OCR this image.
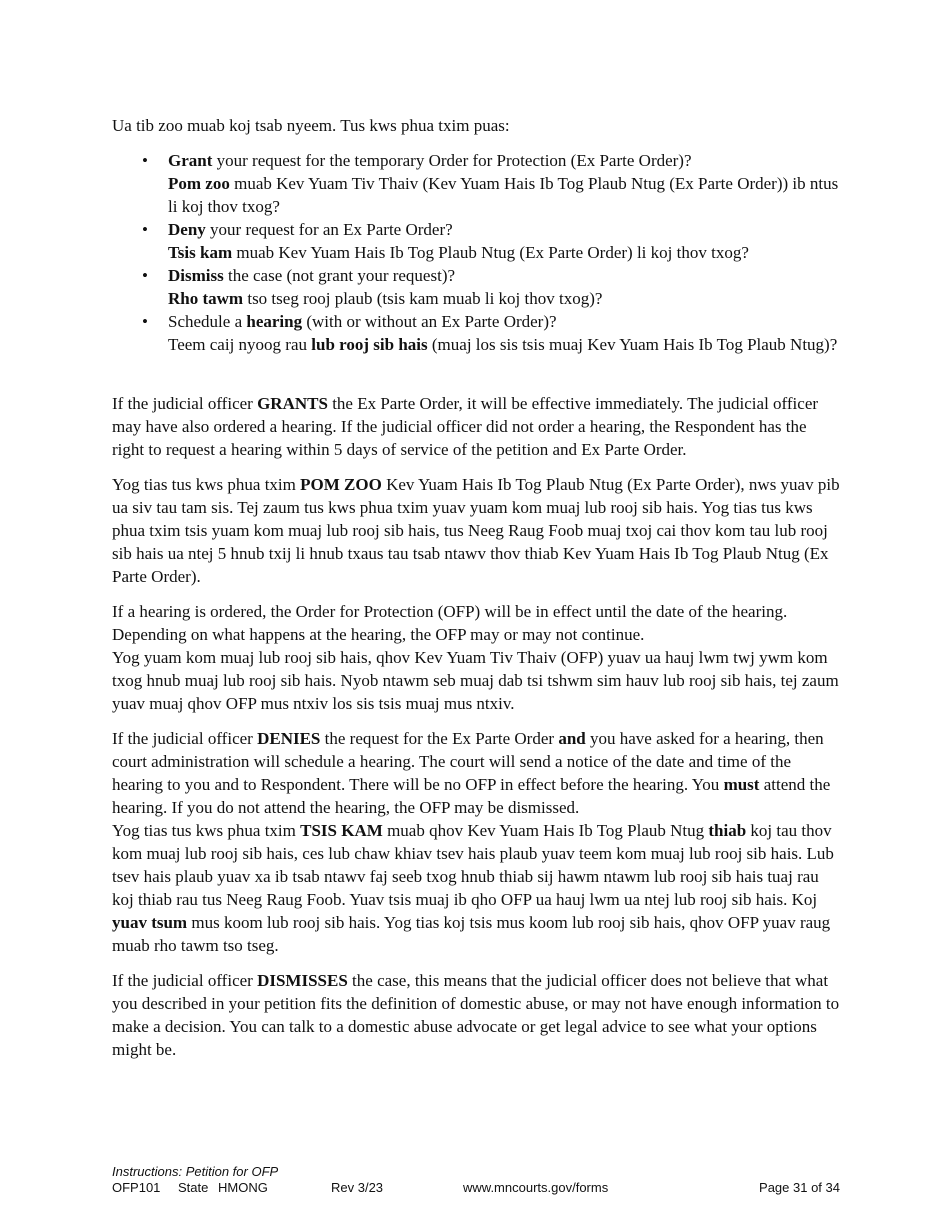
Ua tib zoo muab koj tsab nyeem. Tus kws phua txim puas:

• Grant your request for the temporary Order for Protection (Ex Parte Order)?
Pom zoo muab Kev Yuam Tiv Thaiv (Kev Yuam Hais Ib Tog Plaub Ntug (Ex Parte Order)) ib ntus li koj thov txog?
• Deny your request for an Ex Parte Order?
Tsis kam muab Kev Yuam Hais Ib Tog Plaub Ntug (Ex Parte Order) li koj thov txog?
• Dismiss the case (not grant your request)?
Rho tawm tso tseg rooj plaub (tsis kam muab li koj thov txog)?
• Schedule a hearing (with or without an Ex Parte Order)?
Teem caij nyoog rau lub rooj sib hais (muaj los sis tsis muaj Kev Yuam Hais Ib Tog Plaub Ntug)?

If the judicial officer GRANTS the Ex Parte Order, it will be effective immediately. The judicial officer may have also ordered a hearing. If the judicial officer did not order a hearing, the Respondent has the right to request a hearing within 5 days of service of the petition and Ex Parte Order.

Yog tias tus kws phua txim POM ZOO Kev Yuam Hais Ib Tog Plaub Ntug (Ex Parte Order), nws yuav pib ua siv tau tam sis. Tej zaum tus kws phua txim yuav yuam kom muaj lub rooj sib hais. Yog tias tus kws phua txim tsis yuam kom muaj lub rooj sib hais, tus Neeg Raug Foob muaj txoj cai thov kom tau lub rooj sib hais ua ntej 5 hnub txij li hnub txaus tau tsab ntawv thov thiab Kev Yuam Hais Ib Tog Plaub Ntug (Ex Parte Order).

If a hearing is ordered, the Order for Protection (OFP) will be in effect until the date of the hearing. Depending on what happens at the hearing, the OFP may or may not continue.

Yog yuam kom muaj lub rooj sib hais, qhov Kev Yuam Tiv Thaiv (OFP) yuav ua hauj lwm twj ywm kom txog hnub muaj lub rooj sib hais. Nyob ntawm seb muaj dab tsi tshwm sim hauv lub rooj sib hais, tej zaum yuav muaj qhov OFP mus ntxiv los sis tsis muaj mus ntxiv.

If the judicial officer DENIES the request for the Ex Parte Order and you have asked for a hearing, then court administration will schedule a hearing. The court will send a notice of the date and time of the hearing to you and to Respondent. There will be no OFP in effect before the hearing. You must attend the hearing. If you do not attend the hearing, the OFP may be dismissed.

Yog tias tus kws phua txim TSIS KAM muab qhov Kev Yuam Hais Ib Tog Plaub Ntug thiab koj tau thov kom muaj lub rooj sib hais, ces lub chaw khiav tsev hais plaub yuav teem kom muaj lub rooj sib hais. Lub tsev hais plaub yuav xa ib tsab ntawv faj seeb txog hnub thiab sij hawm ntawm lub rooj sib hais tuaj rau koj thiab rau tus Neeg Raug Foob. Yuav tsis muaj ib qho OFP ua hauj lwm ua ntej lub rooj sib hais. Koj yuav tsum mus koom lub rooj sib hais. Yog tias koj tsis mus koom lub rooj sib hais, qhov OFP yuav raug muab rho tawm tso tseg.

If the judicial officer DISMISSES the case, this means that the judicial officer does not believe that what you described in your petition fits the definition of domestic abuse, or may not have enough information to make a decision. You can talk to a domestic abuse advocate or get legal advice to see what your options might be.

Instructions: Petition for OFP
OFP101 State HMONG	Rev 3/23	www.mncourts.gov/forms	Page 31 of 34
